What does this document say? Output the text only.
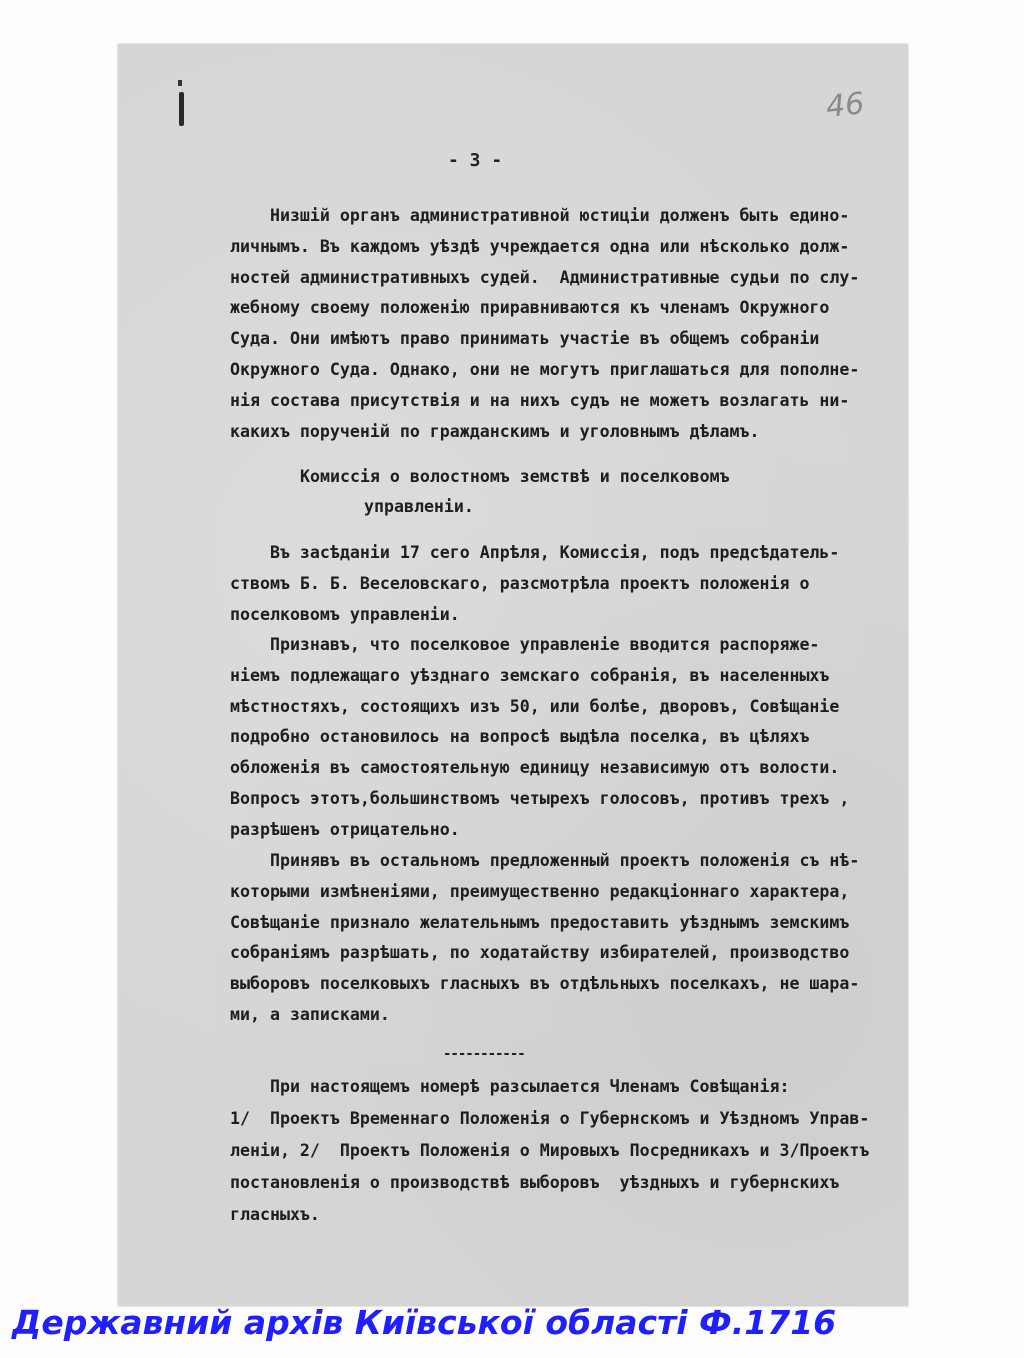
46
- 3 -
Низшій органъ административной юстиціи долженъ быть едино-
личнымъ. Въ каждомъ уѣздѣ учреждается одна или нѣсколько долж-
ностей административныхъ судей.  Административные судьи по слу-
жебному своему положенію приравниваются къ членамъ Окружного
Суда. Они имѣютъ право принимать участіе въ общемъ собраніи
Окружного Суда. Однако, они не могутъ приглашаться для пополне-
нія состава присутствія и на нихъ судъ не можетъ возлагать ни-
какихъ порученій по гражданскимъ и уголовнымъ дѣламъ.
Комиссія о волостномъ земствѣ и поселковомъ
управленіи.
Въ засѣданіи 17 сего Апрѣля, Комиссія, подъ предсѣдатель-
ствомъ Б. Б. Веселовскаго, разсмотрѣла проектъ положенія о
поселковомъ управленіи.
Признавъ, что поселковое управленіе вводится распоряже-
ніемъ подлежащаго уѣзднаго земскаго собранія, въ населенныхъ
мѣстностяхъ, состоящихъ изъ 50, или болѣе, дворовъ, Совѣщаніе
подробно остановилось на вопросѣ выдѣла поселка, въ цѣляхъ
обложенія въ самостоятельную единицу независимую отъ волости.
Вопросъ этотъ,большинствомъ четырехъ голосовъ, противъ трехъ ,
разрѣшенъ отрицательно.
Принявъ въ остальномъ предложенный проектъ положенія съ нѣ-
которыми измѣненіями, преимущественно редакціоннаго характера,
Совѣщаніе признало желательнымъ предоставить уѣзднымъ земскимъ
собраніямъ разрѣшать, по ходатайству избирателей, производство
выборовъ поселковыхъ гласныхъ въ отдѣльныхъ поселкахъ, не шара-
ми, а записками.
-----------
При настоящемъ номерѣ разсылается Членамъ Совѣщанія:
1/  Проектъ Временнаго Положенія о Губернскомъ и Уѣздномъ Управ-
леніи, 2/  Проектъ Положенія о Мировыхъ Посредникахъ и 3/Проектъ
постановленія о производствѣ выборовъ  уѣздныхъ и губернскихъ
гласныхъ.
Державний архів Київської області Ф.1716
